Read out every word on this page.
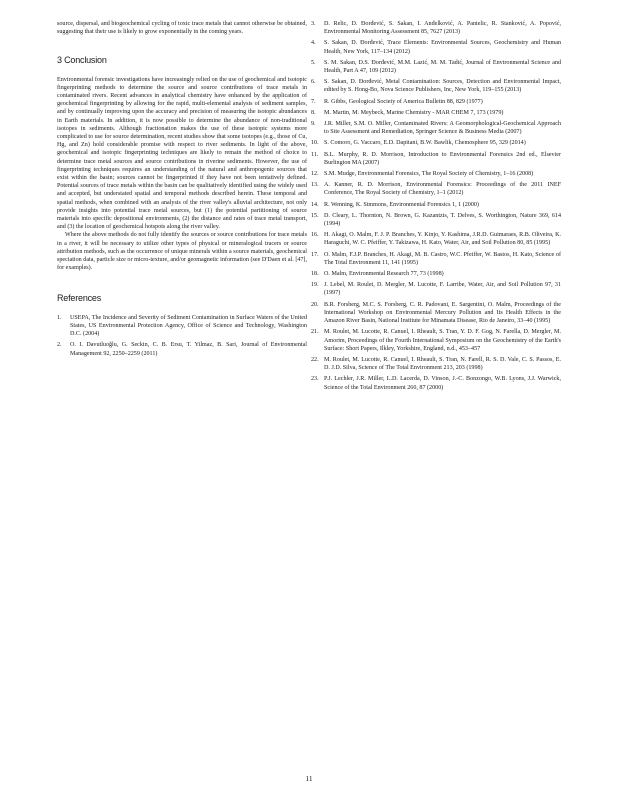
source, dispersal, and biogeochemical cycling of toxic trace metals that cannot otherwise be obtained, suggesting that their use is likely to grow exponentially in the coming years.

3 Conclusion

Environmental forensic investigations have increasingly relied on the use of geochemical and isotopic fingerprinting methods to determine the source and source contributions of trace metals in contaminated rivers. Recent advances in analytical chemistry have enhanced by the application of geochemical fingerprinting by allowing for the rapid, multi-elemental analysis of sediment samples, and by continually improving upon the accuracy and precision of measuring the isotopic abundances in Earth materials. In addition, it is now possible to determine the abundance of non-traditional isotopes in sediments. Although fractionation makes the use of these isotopic systems more complicated to use for source determination, recent studies show that some isotopes (e.g., those of Cu, Hg, and Zn) hold considerable promise with respect to river sediments. In light of the above, geochemical and isotopic fingerprinting techniques are likely to remain the method of choice to determine trace metal sources and source contributions in riverine sediments. However, the use of fingerprinting techniques requires an understanding of the natural and anthropogenic sources that exist within the basin; sources cannot be fingerprinted if they have not been tentatively defined. Potential sources of trace metals within the basin can be qualitatively identified using the widely used and accepted, but understated spatial and temporal methods described herein. These temporal and spatial methods, when combined with an analysis of the river valley's alluvial architecture, not only provide insights into potential trace metal sources, but (1) the potential partitioning of source materials into specific depositional environments, (2) the distance and rates of trace metal transport, and (3) the location of geochemical hotspots along the river valley.

Where the above methods do not fully identify the sources or source contributions for trace metals in a river, it will be necessary to utilize other types of physical or mineralogical tracers or source attribution methods, such as the occurrence of unique minerals within a source materials, geochemical speciation data, particle size or micro-texture, and/or geomagnetic information (see D'Daen et al. [47], for examples).

References
1.	USEPA, The Incidence and Severity of Sediment Contamination in Surface Waters of the United States, US Environmental Protection Agency, Office of Science and Technology, Washington D.C. (2004)
2.	O. I. Davutluoğlu, G. Seckin, C. B. Ersu, T. Yilmaz, B. Sari, Journal of Environmental Management 92, 2250–2259 (2011)
3.	D. Relic, D. Đorđević, S. Sakan, I. Anđelković, A. Pantelic, R. Stanković, A. Popović, Environmental Monitoring Assessment 85, 7627 (2013)
4.	S. Sakan, D. Đorđević, Trace Elements: Environmental Sources, Geochemistry and Human Health, New York, 117–134 (2012)
5.	S. M. Sakan, D.S. Đorđević, M.M. Lazić, M. M. Tadić, Journal of Environmental Science and Health, Part A 47, 109 (2012)
6.	S. Sakan, D. Đorđević, Metal Contamination: Sources, Detection and Environmental Impact, edited by S. Hong-Bo, Nova Science Publishers, Inc, New York, 119–155 (2013)
7.	R. Gibbs, Geological Society of America Bulletin 88, 829 (1977)
8.	M. Martin, M. Meybeck, Marine Chemistry - MAR CHEM 7, 173 (1979)
9.	J.R. Miller, S.M. O. Miller, Contaminated Rivers: A Geomorphological-Geochemical Approach to Site Assessment and Remediation, Springer Science & Business Media (2007)
10. S. Comoro, G. Vaccaro, E.D. Dapitani, B.W. Bawlik, Chemosphere 95, 329 (2014)
11. B.L. Murphy, R. D. Morrison, Introduction to Environmental Forensics 2nd ed., Elsevier Burlington MA (2007)
12. S.M. Mudge, Environmental Forensics, The Royal Society of Chemistry, 1–16 (2008)
13. A. Kanner, R. D. Morrison, Environmental Forensics: Proceedings of the 2011 INEF Conference, The Royal Society of Chemistry, 1–1 (2012)
14. R. Wenning, K. Simmons, Environmental Forensics 1, 1 (2000)
15. D. Cleary, L. Thornton, N. Brown, G. Kazantzis, T. Delves, S. Worthington, Nature 369, 614 (1994)
16. H. Akagi, O. Malm, F. J. P. Branches, Y. Kinjo, Y. Kashima, J.R.D. Guimaraes, R.B. Oliveira, K. Haraguchi, W. C. Pfeiffer, Y. Takizawa, H. Kato, Water, Air, and Soil Pollution 80, 85 (1995)
17. O. Malm, F.J.P. Branches, H. Akagi, M. B. Castro, W.C. Pfeiffer, W. Bastos, H. Kato, Science of The Total Environment 11, 141 (1995)
18. O. Malm, Environmental Research 77, 73 (1998)
19. J. Lebel, M. Roulet, D. Mergler, M. Lucotte, F. Larribe, Water, Air, and Soil Pollution 97, 31 (1997)
20. B.R. Forsberg, M.C. S. Forsberg, C. R. Padovani, E. Sargentini, O. Malm, Proceedings of the International Workshop on Environmental Mercury Pollution and Its Health Effects in the Amazon River Basin, National Institute for Minamata Disease, Rio de Janeiro, 33–40 (1995)
21. M. Roulet, M. Lucotte, R. Canuel, I. Rheault, S. Tran, Y. D. F. Gog, N. Farella, D. Mergler, M. Amorim, Proceedings of the Fourth International Symposium on the Geochemistry of the Earth's Surface: Short Papers, Ilkley, Yorkshire, England, n.d., 453–457
22. M. Roulet, M. Lucotte, R. Canuel, I. Rheault, S. Tran, N. Farell, R. S. D. Vale, C. S. Passos, E. D. J.D. Silva, Science of The Total Environment 213, 203 (1998)
23. P.J. Lechler, J.R. Miller, L.D. Lacerda, D. Vinson, J.-C. Bonzongo, W.B. Lyons, J.J. Warwick, Science of the Total Environment 260, 87 (2000)
11
